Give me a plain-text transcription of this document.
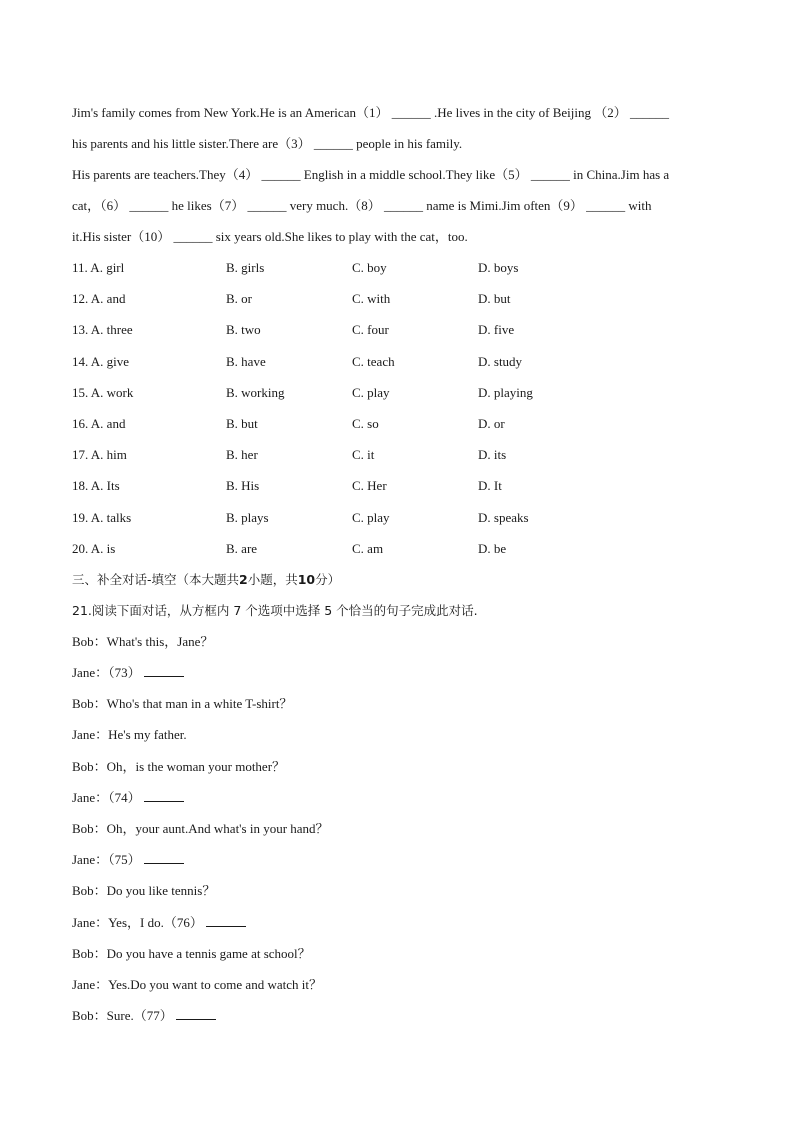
Jim's family comes from New York.He is an American（1） ______ .He lives in the city of Beijing （2） ______
his parents and his little sister.There are（3） ______ people in his family.
His parents are teachers.They（4） ______ English in a middle school.They like（5） ______ in China.Jim has a
cat，（6） ______ he likes（7） ______ very much.（8） ______ name is Mimi.Jim often（9） ______ with
it.His sister（10） ______ six years old.She likes to play with the cat，too.
11. A. girl	B. girls	C. boy	D. boys
12. A. and	B. or	C. with	D. but
13. A. three	B. two	C. four	D. five
14. A. give	B. have	C. teach	D. study
15. A. work	B. working	C. play	D. playing
16. A. and	B. but	C. so	D. or
17. A. him	B. her	C. it	D. its
18. A. Its	B. His	C. Her	D. It
19. A. talks	B. plays	C. play	D. speaks
20. A. is	B. are	C. am	D. be
三、补全对话-填空（本大题共2小题，共10分）
21.阅读下面对话，从方框内 7 个选项中选择 5 个恰当的句子完成此对话.
Bob：What's this，Jane？
Jane：（73）
Bob：Who's that man in a white T-shirt？
Jane：He's my father.
Bob：Oh，is the woman your mother？
Jane：（74）
Bob：Oh，your aunt.And what's in your hand？
Jane：（75）
Bob：Do you like tennis？
Jane：Yes，I do.（76）
Bob：Do you have a tennis game at school？
Jane：Yes.Do you want to come and watch it？
Bob：Sure.（77）
